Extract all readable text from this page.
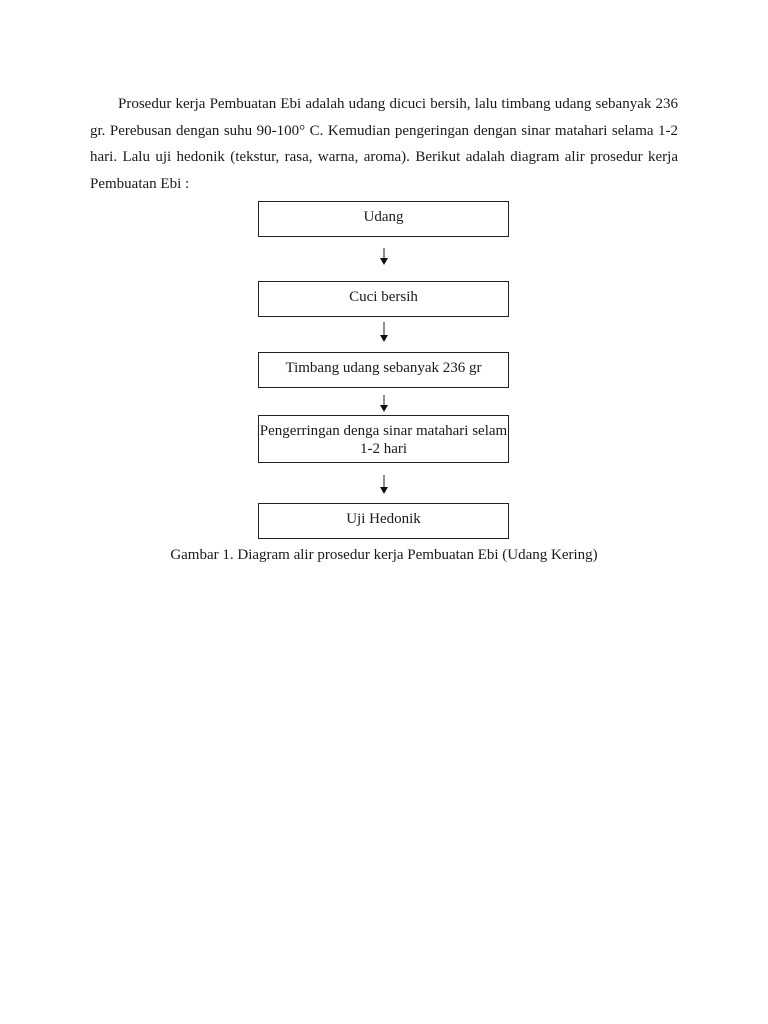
Prosedur kerja Pembuatan Ebi adalah udang dicuci bersih, lalu timbang udang sebanyak 236 gr. Perebusan dengan suhu 90-100° C. Kemudian pengeringan dengan sinar matahari selama 1-2 hari. Lalu uji hedonik (tekstur, rasa, warna, aroma). Berikut adalah diagram alir prosedur kerja Pembuatan Ebi :

Udang
Cuci bersih
Timbang udang sebanyak 236 gr
Pengerringan denga sinar matahari selam 1-2 hari
Uji Hedonik
Gambar 1. Diagram alir prosedur kerja Pembuatan Ebi (Udang Kering)
